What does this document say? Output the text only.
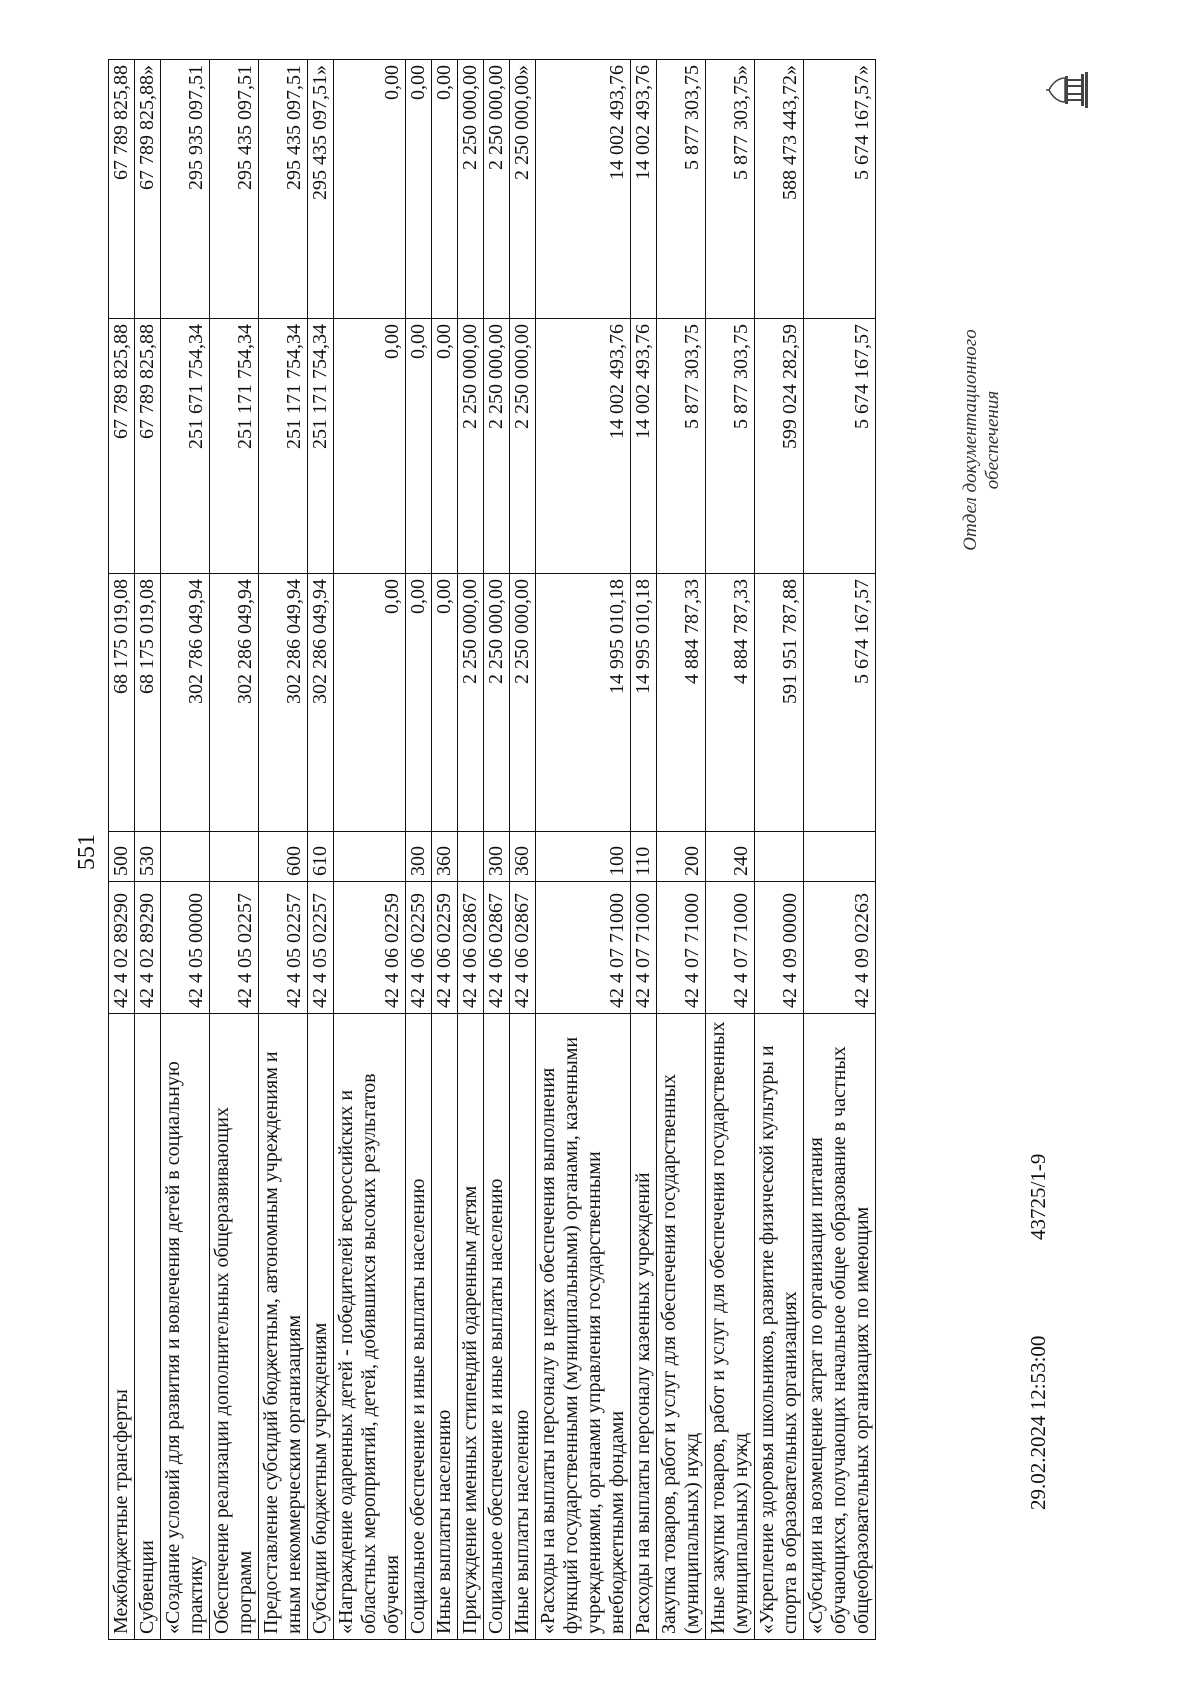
551
Межбюджетные трансферты	42 4 02 89290	500	68 175 019,08	67 789 825,88	67 789 825,88
Субвенции	42 4 02 89290	530	68 175 019,08	67 789 825,88	67 789 825,88»
«Создание условий для развития и вовлечения детей в социальную практику	42 4 05 00000		302 786 049,94	251 671 754,34	295 935 097,51
Обеспечение реализации дополнительных общеразвивающих программ	42 4 05 02257		302 286 049,94	251 171 754,34	295 435 097,51
Предоставление субсидий бюджетным, автономным учреждениям и иным некоммерческим организациям	42 4 05 02257	600	302 286 049,94	251 171 754,34	295 435 097,51
Субсидии бюджетным учреждениям	42 4 05 02257	610	302 286 049,94	251 171 754,34	295 435 097,51»
«Награждение одаренных детей - победителей всероссийских и областных мероприятий, детей, добившихся высоких результатов обучения	42 4 06 02259		0,00	0,00	0,00
Социальное обеспечение и иные выплаты населению	42 4 06 02259	300	0,00	0,00	0,00
Иные выплаты населению	42 4 06 02259	360	0,00	0,00	0,00
Присуждение именных стипендий одаренным детям	42 4 06 02867		2 250 000,00	2 250 000,00	2 250 000,00
Социальное обеспечение и иные выплаты населению	42 4 06 02867	300	2 250 000,00	2 250 000,00	2 250 000,00
Иные выплаты населению	42 4 06 02867	360	2 250 000,00	2 250 000,00	2 250 000,00»
«Расходы на выплаты персоналу в целях обеспечения выполнения функций государственными (муниципальными) органами, казенными учреждениями, органами управления государственными внебюджетными фондами	42 4 07 71000	100	14 995 010,18	14 002 493,76	14 002 493,76
Расходы на выплаты персоналу казенных учреждений	42 4 07 71000	110	14 995 010,18	14 002 493,76	14 002 493,76
Закупка товаров, работ и услуг для обеспечения государственных (муниципальных) нужд	42 4 07 71000	200	4 884 787,33	5 877 303,75	5 877 303,75
Иные закупки товаров, работ и услуг для обеспечения государственных (муниципальных) нужд	42 4 07 71000	240	4 884 787,33	5 877 303,75	5 877 303,75»
«Укрепление здоровья школьников, развитие физической культуры и спорта в образовательных организациях	42 4 09 00000		591 951 787,88	599 024 282,59	588 473 443,72»
«Субсидии на возмещение затрат по организации питания обучающихся, получающих начальное общее образование в частных общеобразовательных организациях по имеющим	42 4 09 02263		5 674 167,57	5 674 167,57	5 674 167,57»
29.02.2024 12:53:00
43725/1-9
Отдел документационного обеспечения
